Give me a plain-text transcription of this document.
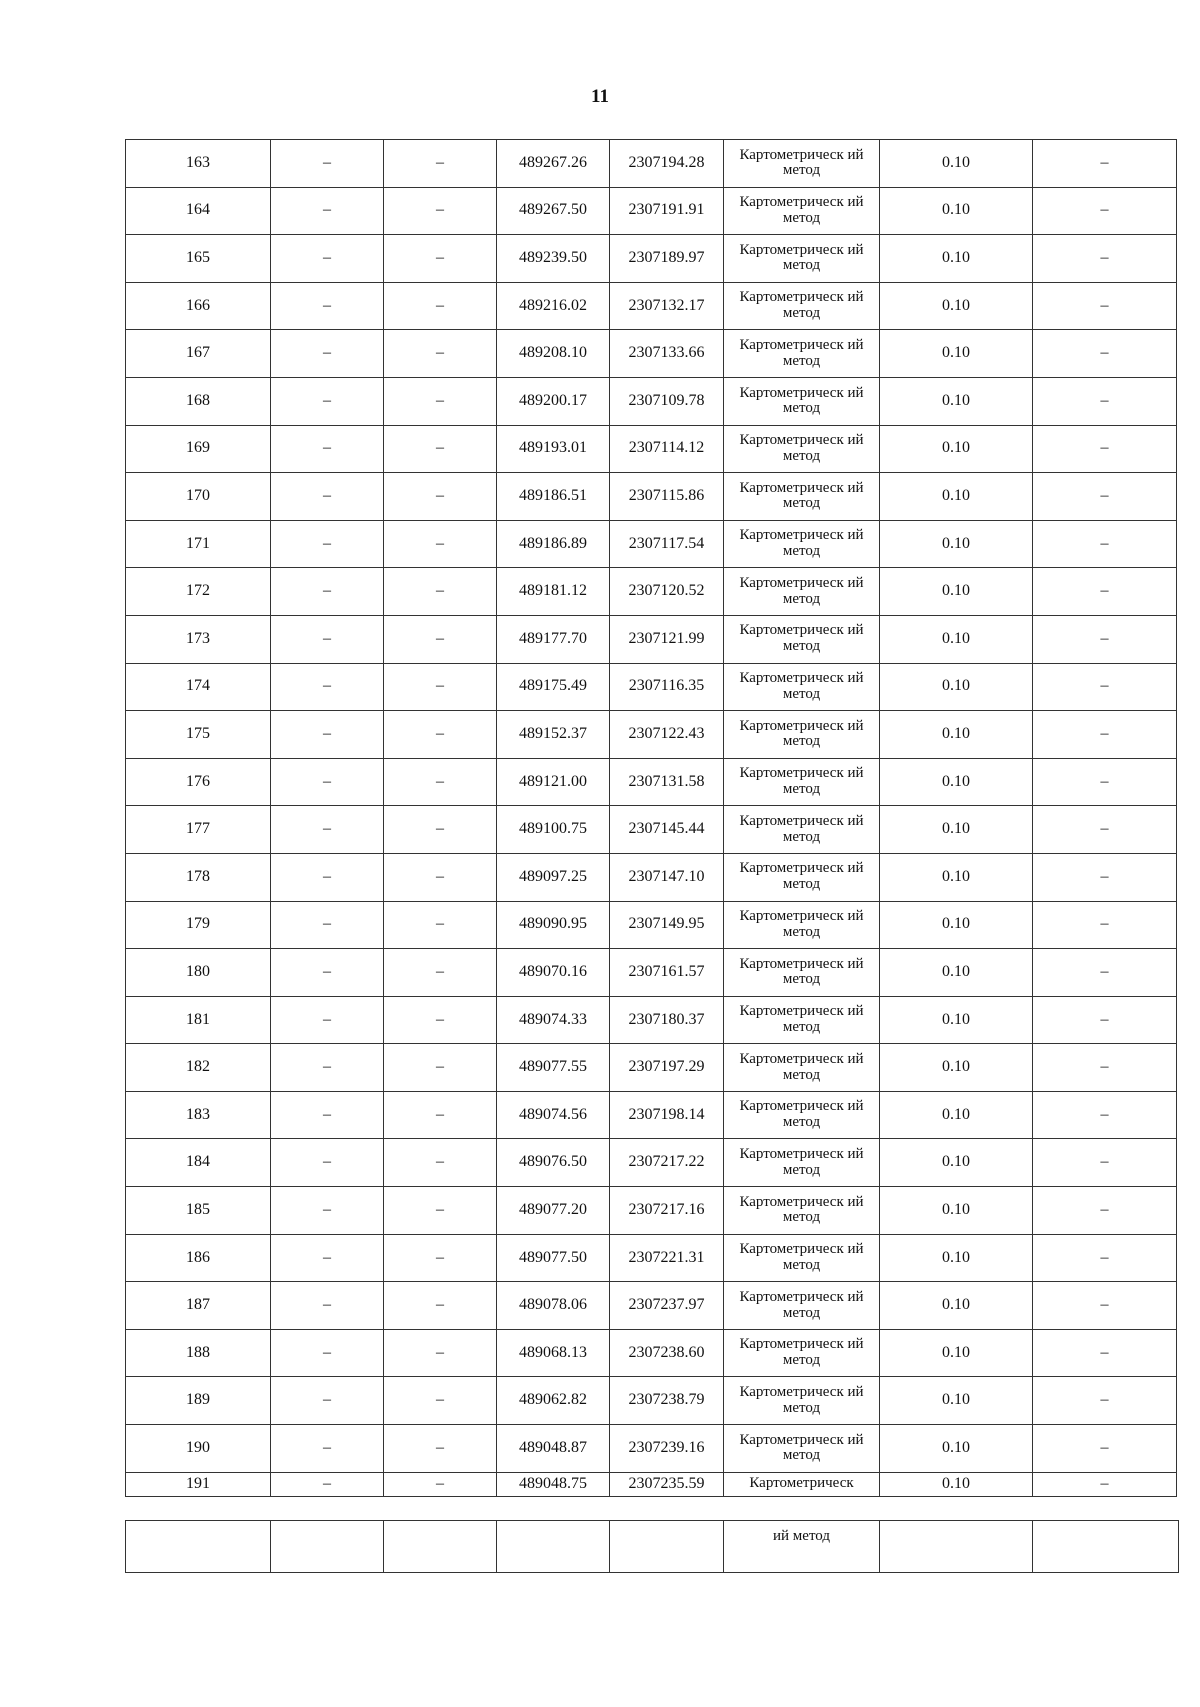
11
163	–	–	489267.26	2307194.28	Картометрическ ий метод	0.10	–
164	–	–	489267.50	2307191.91	Картометрическ ий метод	0.10	–
165	–	–	489239.50	2307189.97	Картометрическ ий метод	0.10	–
166	–	–	489216.02	2307132.17	Картометрическ ий метод	0.10	–
167	–	–	489208.10	2307133.66	Картометрическ ий метод	0.10	–
168	–	–	489200.17	2307109.78	Картометрическ ий метод	0.10	–
169	–	–	489193.01	2307114.12	Картометрическ ий метод	0.10	–
170	–	–	489186.51	2307115.86	Картометрическ ий метод	0.10	–
171	–	–	489186.89	2307117.54	Картометрическ ий метод	0.10	–
172	–	–	489181.12	2307120.52	Картометрическ ий метод	0.10	–
173	–	–	489177.70	2307121.99	Картометрическ ий метод	0.10	–
174	–	–	489175.49	2307116.35	Картометрическ ий метод	0.10	–
175	–	–	489152.37	2307122.43	Картометрическ ий метод	0.10	–
176	–	–	489121.00	2307131.58	Картометрическ ий метод	0.10	–
177	–	–	489100.75	2307145.44	Картометрическ ий метод	0.10	–
178	–	–	489097.25	2307147.10	Картометрическ ий метод	0.10	–
179	–	–	489090.95	2307149.95	Картометрическ ий метод	0.10	–
180	–	–	489070.16	2307161.57	Картометрическ ий метод	0.10	–
181	–	–	489074.33	2307180.37	Картометрическ ий метод	0.10	–
182	–	–	489077.55	2307197.29	Картометрическ ий метод	0.10	–
183	–	–	489074.56	2307198.14	Картометрическ ий метод	0.10	–
184	–	–	489076.50	2307217.22	Картометрическ ий метод	0.10	–
185	–	–	489077.20	2307217.16	Картометрическ ий метод	0.10	–
186	–	–	489077.50	2307221.31	Картометрическ ий метод	0.10	–
187	–	–	489078.06	2307237.97	Картометрическ ий метод	0.10	–
188	–	–	489068.13	2307238.60	Картометрическ ий метод	0.10	–
189	–	–	489062.82	2307238.79	Картометрическ ий метод	0.10	–
190	–	–	489048.87	2307239.16	Картометрическ ий метод	0.10	–
191	–	–	489048.75	2307235.59	Картометрическ	0.10	–
					ий метод		
